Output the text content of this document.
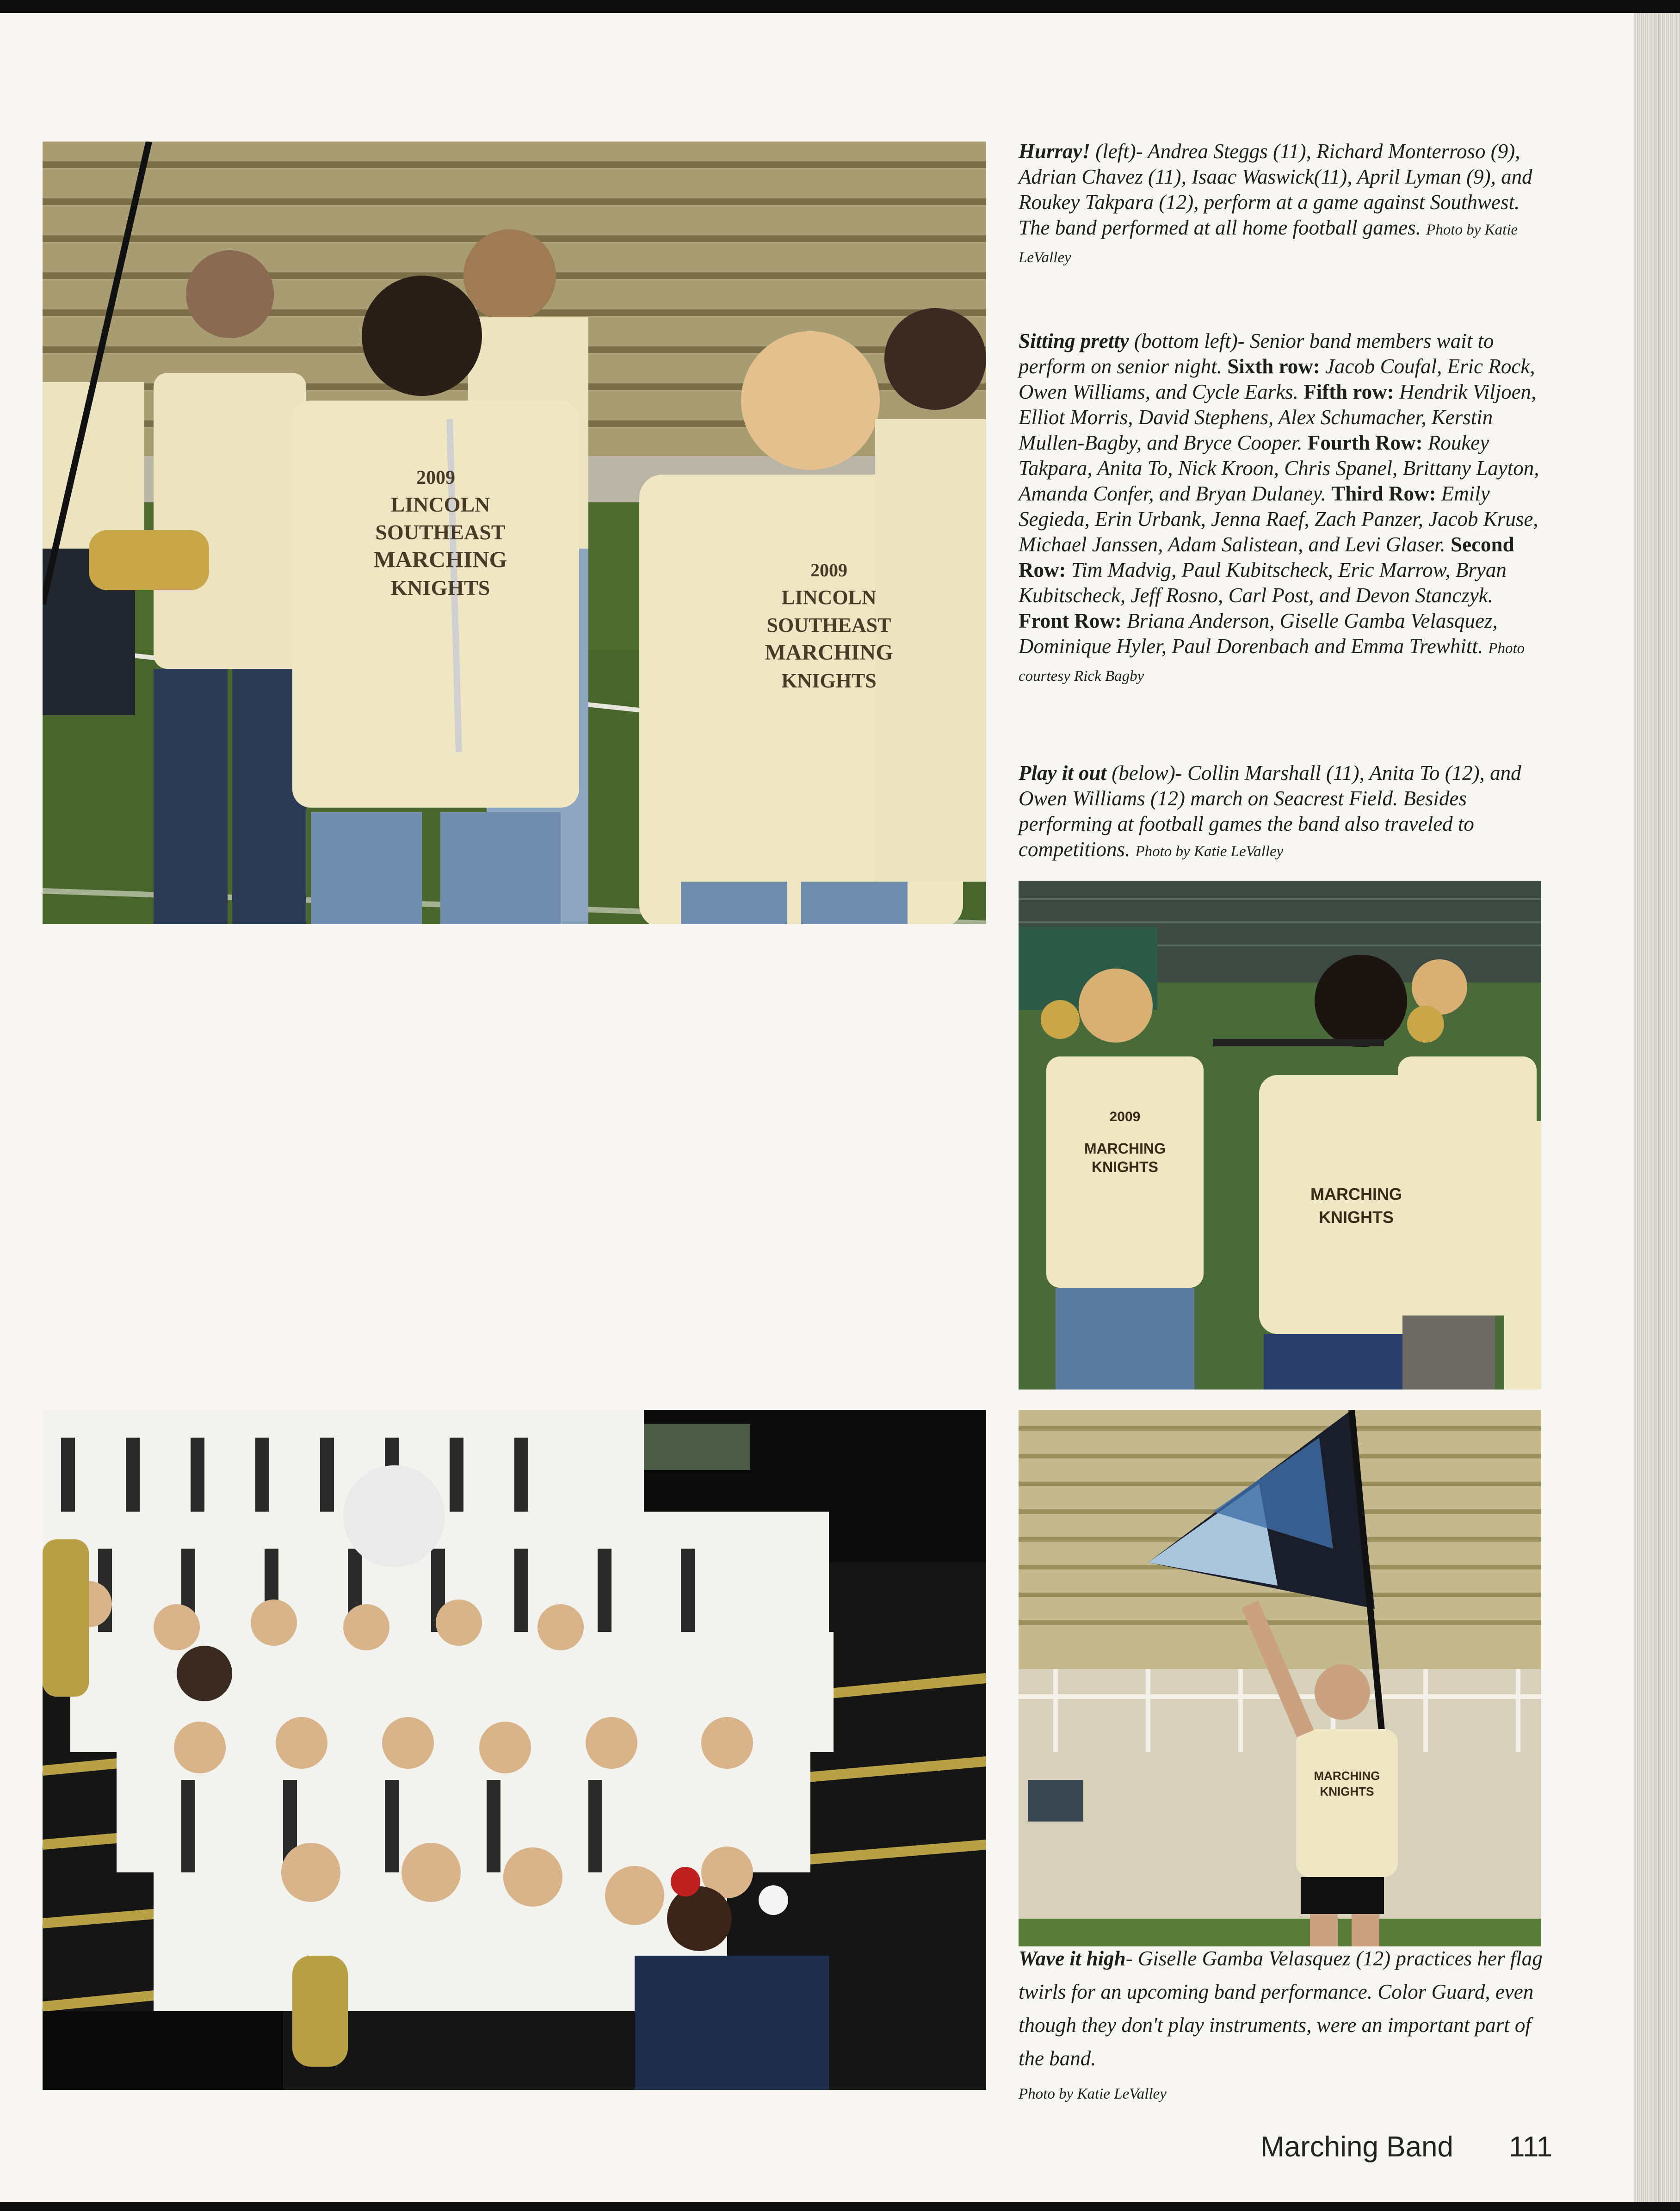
2009
LINCOLN
SOUTHEAST
MARCHING
KNIGHTS
2009
LINCOLN
SOUTHEAST
MARCHING
KNIGHTS
2009
MARCHING
KNIGHTS
MARCHING
KNIGHTS
MARCHING
KNIGHTS
Hurray! (left)- Andrea Steggs (11), Richard Monterroso (9), Adrian Chavez (11), Isaac Waswick(11), April Lyman (9), and Roukey Takpara (12), perform at a game against Southwest. The band performed at all home football games. Photo by Katie LeValley
Sitting pretty (bottom left)- Senior band members wait to perform on senior night. Sixth row: Jacob Coufal, Eric Rock, Owen Williams, and Cycle Earks. Fifth row: Hendrik Viljoen, Elliot Morris, David Stephens, Alex Schumacher, Kerstin Mullen-Bagby, and Bryce Cooper. Fourth Row: Roukey Takpara, Anita To, Nick Kroon, Chris Spanel, Brittany Layton, Amanda Confer, and Bryan Dulaney. Third Row: Emily Segieda, Erin Urbank, Jenna Raef, Zach Panzer, Jacob Kruse, Michael Janssen, Adam Salistean, and Levi Glaser. Second Row: Tim Madvig, Paul Kubitscheck, Eric Marrow, Bryan Kubitscheck, Jeff Rosno, Carl Post, and Devon Stanczyk. Front Row: Briana Anderson, Giselle Gamba Velasquez, Dominique Hyler, Paul Dorenbach and Emma Trewhitt. Photo courtesy Rick Bagby
Play it out (below)- Collin Marshall (11), Anita To (12), and Owen Williams (12) march on Seacrest Field. Besides performing at football games the band also traveled to competitions. Photo by Katie LeValley
Wave it high- Giselle Gamba Velasquez (12) practices her flag twirls for an upcoming band performance. Color Guard, even though they don't play instruments, were an important part of the band.
Photo by Katie LeValley
Marching Band 111
